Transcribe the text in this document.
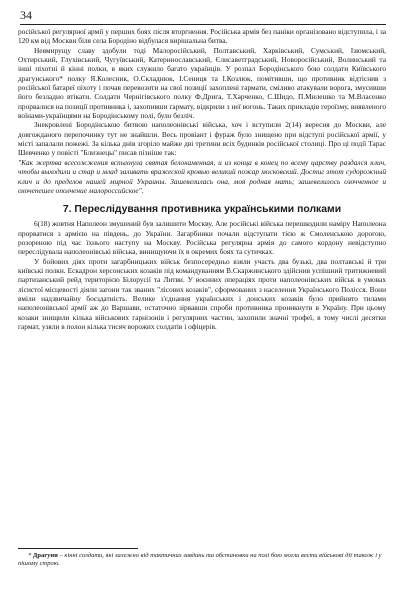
34

російської регулярної армії у перших боях після вторгнення. Російська армія без паніки організовано відступила, і за 120 км від Москви біля села Бородіно відбулася вирішальна битва.

Невмирущу славу здобули тоді Малоросійський, Полтавський, Харківський, Сумський, Ізюмський, Охтирський, Глухівський, Чугуївський, Катеринославський, Єлисаветградський, Новоросійський, Волинський та інші піхотні й кінні полки, в яких служило багато українців. У розпал Бородінського бою солдати Київського драгунського* полку Я.Колесник, О.Складнюк, І.Сениця та І.Козлюк, помітивши, що противник відтіснив з російської батареї піхоту і почав перевозити на свої позиції захоплені гармати, сміливо атакували ворога, змусивши його безладно втікати. Солдати Чернігівського полку Ф.Дрига, Т.Харченко, С.Шидо, П.Милешко та М.Власенко прорвалися на позиції противника і, захопивши гармату, відкрили з неї вогонь. Таких прикладів героїзму, виявленого воїнами-українцями на Бородінському полі, було безліч.

Знекровлені Бородінською битвою наполеонівські війська, хоч і вступили 2(14) вересня до Москви, але довгожданого перепочинку тут не знайшли. Весь провіант і фураж було знищено при відступі російської армії, у місті запалали пожежі. За кілька днів згоріло майже дві третини всіх будинків російської столиці. Про ці події Тарас Шевченко у повісті "Близнецы" писав пізніше так:

"Как жертва всесожжения вспыхнула святая белокаменная, и из конца в конец по всему царству раздался клич, чтобы выходили и стар и млад заливать вражеской кровью великий пожар московский. Достиг этот судорожный клич и до пределов нашей мирной Украины. Зашевелилась она, моя родная мать; зашевелилось озочченное и охочепешее ополчение малороссийское".

7. Переслідування противника українськими полками

6(18) жовтня Наполеон змушений був залишити Москву. Але російські війська перешкодили наміру Наполеона прорватися з армією на південь, до України. Загарбники почали відступати тією ж Смоленською дорогою, розореною під час їхнього наступу на Москву. Російська регулярна армія до самого кордону невідступно переслідувала наполеонівські війська, винищуючи їх в окремих боях та сутичках.

У бойових діях проти загарбницьких військ безпосередньо взяли участь два бузькі, два полтавські й три київські полки. Ескадрон херсонських козаків під командуванням В.Скаржинського здійснив успішний тритижневий партизанський рейд територією Білорусії та Литви. У воєнних операціях проти наполеонівських військ в умовах лісистої місцевості діяли загони так званих "лісових козаків", сформованих з населення Українського Полісся. Вони вміли надзвичайну боєздатність. Велике з'єднання українських і донських козаків було прийнято тилами наполеонівської армії аж до Варшави, остаточно зірвавши спроби противника проникнути в Україну. При цьому козаки знищили кілька військових гарнізонів і регулярних частин, захопили значні трофеї, в тому числі десятки гармат, узяли в полон кілька тисяч ворожих солдатів і офіцерів.

* Драгуни – кінні солдати, які залежно від тактичних завдань та обстановки на полі бою могли вести військові дії також і у пішому строю.
